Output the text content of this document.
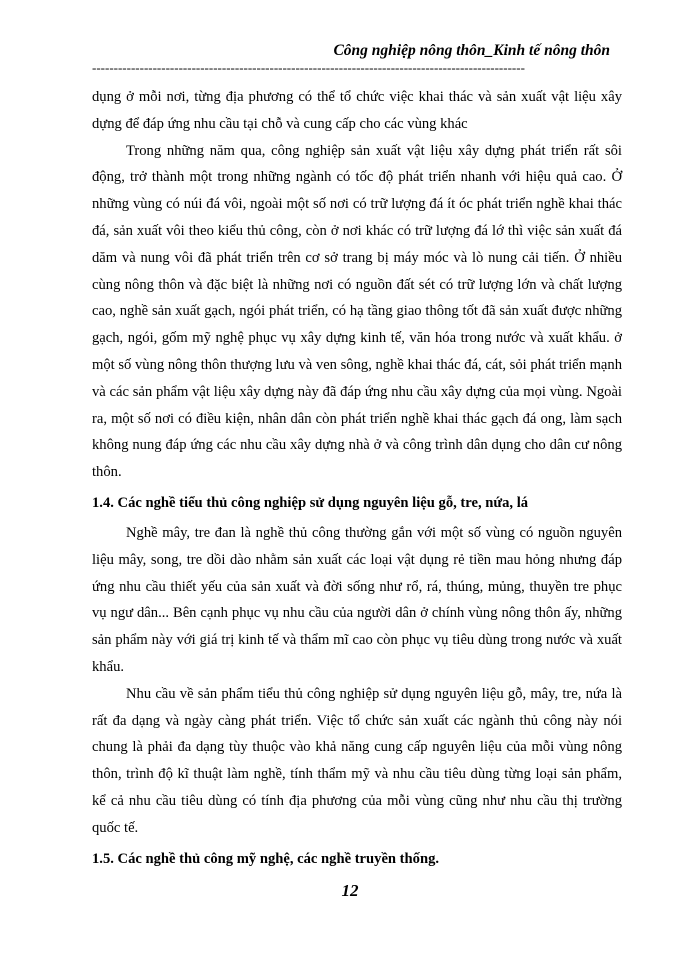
Công nghiệp nông thôn_Kinh tế nông thôn
----------------------------------------------------------------------------------------------------

dụng ở mỗi nơi, từng địa phương có thể tổ chức việc khai thác và sản xuất vật liệu xây dựng để đáp ứng nhu cầu tại chỗ và cung cấp cho các vùng khác

Trong những năm qua, công nghiệp sản xuất vật liệu xây dựng phát triển rất sôi động, trở thành một trong những ngành có tốc độ phát triển nhanh với hiệu quả cao. Ở những vùng có núi đá vôi, ngoài một số nơi có trữ lượng đá ít óc phát triển nghề khai thác đá, sản xuất vôi theo kiểu thủ công, còn ở nơi khác có trữ lượng đá lớ thì việc sản xuất đá dăm và nung vôi đã phát triển trên cơ sở trang bị máy móc và lò nung cải tiến. Ở nhiều cùng nông thôn và đặc biệt là những nơi có nguồn đất sét có trữ lượng lớn và chất lượng cao, nghề sản xuất gạch, ngói phát triển, có hạ tầng giao thông tốt đã sản xuất được những gạch, ngói, gốm mỹ nghệ phục vụ xây dựng kinh tế, văn hóa trong nước và xuất khẩu. ở một số vùng nông thôn thượng lưu và ven sông, nghề khai thác đá, cát, sỏi phát triển mạnh và các sản phẩm vật liệu xây dựng này đã đáp ứng nhu cầu xây dựng của mọi vùng. Ngoài ra, một số nơi có điều kiện, nhân dân còn phát triển nghề khai thác gạch đá ong, làm sạch không nung đáp ứng các nhu cầu xây dựng nhà ở và công trình dân dụng cho dân cư nông thôn.

1.4. Các nghề tiểu thủ công nghiệp sử dụng nguyên liệu gỗ, tre, nứa, lá

Nghề mây, tre đan là nghề thủ công thường gắn với một số vùng có nguồn nguyên liệu mây, song, tre dồi dào nhằm sản xuất các loại vật dụng rẻ tiền mau hỏng nhưng đáp ứng nhu cầu thiết yếu của sản xuất và đời sống như rổ, rá, thúng, mủng, thuyền tre phục vụ ngư dân... Bên cạnh phục vụ nhu cầu của người dân ở chính vùng nông thôn ấy, những sản phẩm này với giá trị kinh tế và thẩm mĩ cao còn phục vụ tiêu dùng trong nước và xuất khẩu.

Nhu cầu về sản phẩm tiểu thủ công nghiệp sử dụng nguyên liệu gỗ, mây, tre, nứa là rất đa dạng và ngày càng phát triển. Việc tổ chức sản xuất các ngành thủ công này nói chung là phải đa dạng tùy thuộc vào khả năng cung cấp nguyên liệu của mỗi vùng nông thôn, trình độ kĩ thuật làm nghề, tính thẩm mỹ và nhu cầu tiêu dùng từng loại sản phẩm, kể cả nhu cầu tiêu dùng có tính địa phương của mỗi vùng cũng như nhu cầu thị trường quốc tế.

1.5. Các nghề thủ công mỹ nghệ, các nghề truyền thống.

12
